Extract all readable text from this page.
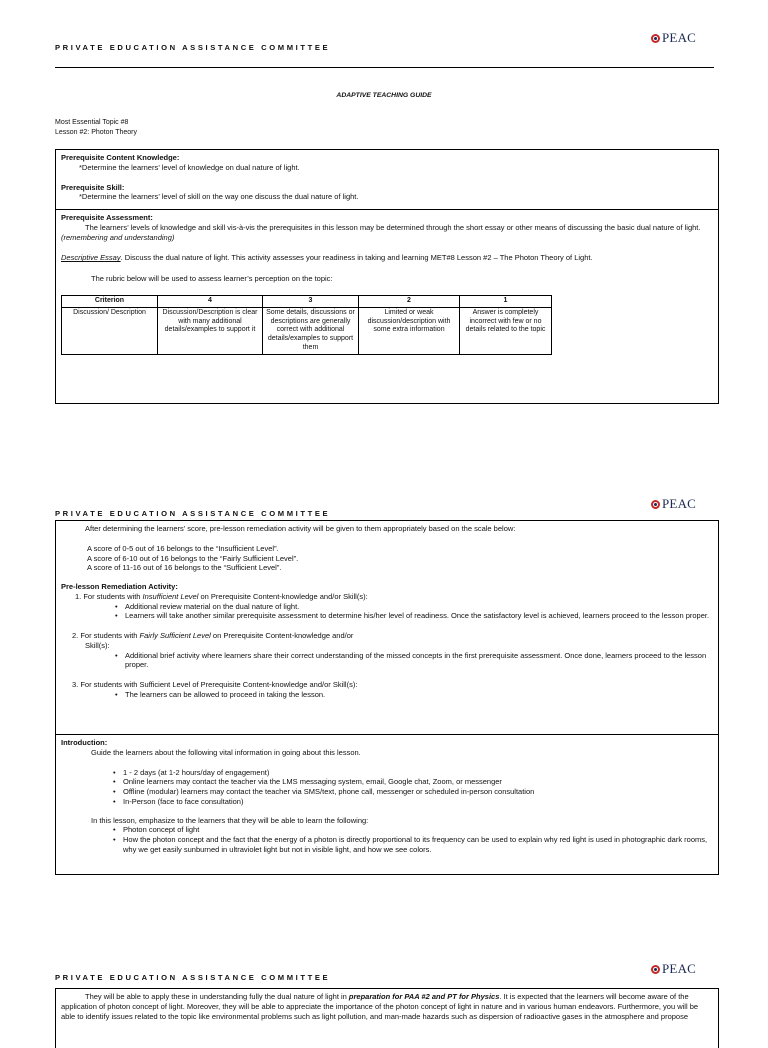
PRIVATE EDUCATION ASSISTANCE COMMITTEE
PEAC
ADAPTIVE TEACHING GUIDE
Most Essential Topic #8
Lesson #2: Photon Theory

Prerequisite Content Knowledge:

*Determine the learners’ level of knowledge on dual nature of light.

Prerequisite Skill:

*Determine the learners’ level of skill on the way one discuss the dual nature of light.

Prerequisite Assessment:

The learners’ levels of knowledge and skill vis-à-vis the prerequisites in this lesson may be determined through the short essay or other means of discussing the basic dual nature of light.

(remembering and understanding)

Descriptive Essay. Discuss the dual nature of light. This activity assesses your readiness in taking and learning MET#8 Lesson #2 – The Photon Theory of Light.

The rubric below will be used to assess learner’s perception on the topic:

Criterion	4	3	2	1
Discussion/ Description	Discussion/Description is clear with many additional details/examples to support it	Some details, discussions or descriptions are generally correct with additional details/examples to support them	Limited or weak discussion/description with some extra information	Answer is completely incorrect with few or no details related to the topic
PRIVATE EDUCATION ASSISTANCE COMMITTEE
PEAC

After determining the learners’ score, pre-lesson remediation activity will be given to them appropriately based on the scale below:

A score of 0-5 out of 16 belongs to the “Insufficient Level”.

A score of 6-10 out of 16 belongs to the “Fairly Sufficient Level”.

A score of 11-16 out of 16 belongs to the “Sufficient Level”.

Pre-lesson Remediation Activity:

1. For students with Insufficient Level on Prerequisite Content-knowledge and/or Skill(s):

• Additional review material on the dual nature of light.
• Learners will take another similar prerequisite assessment to determine his/her level of readiness. Once the satisfactory level is achieved, learners proceed to the lesson proper.

2. For students with Fairly Sufficient Level on Prerequisite Content-knowledge and/or

Skill(s):

• Additional brief activity where learners share their correct understanding of the missed concepts in the first prerequisite assessment. Once done, learners proceed to the lesson proper.

3. For students with Sufficient Level of Prerequisite Content-knowledge and/or Skill(s):

• The learners can be allowed to proceed in taking the lesson.

Introduction:

Guide the learners about the following vital information in going about this lesson.

• 1 - 2 days (at 1-2 hours/day of engagement)
• Online learners may contact the teacher via the LMS messaging system, email, Google chat, Zoom, or messenger
• Offline (modular) learners may contact the teacher via SMS/text, phone call, messenger or scheduled in-person consultation
• In-Person (face to face consultation)

In this lesson, emphasize to the learners that they will be able to learn the following:

• Photon concept of light
• How the photon concept and the fact that the energy of a photon is directly proportional to its frequency can be used to explain why red light is used in photographic dark rooms, why we get easily sunburned in ultraviolet light but not in visible light, and how we see colors.
PRIVATE EDUCATION ASSISTANCE COMMITTEE
PEAC

They will be able to apply these in understanding fully the dual nature of light in preparation for PAA #2 and PT for Physics. It is expected that the learners will become aware of the application of photon concept of light. Moreover, they will be able to appreciate the importance of the photon concept of light in nature and in various human endeavors. Furthermore, you will be able to identify issues related to the topic like environmental problems such as light pollution, and man-made hazards such as dispersion of radioactive gases in the atmosphere and propose
